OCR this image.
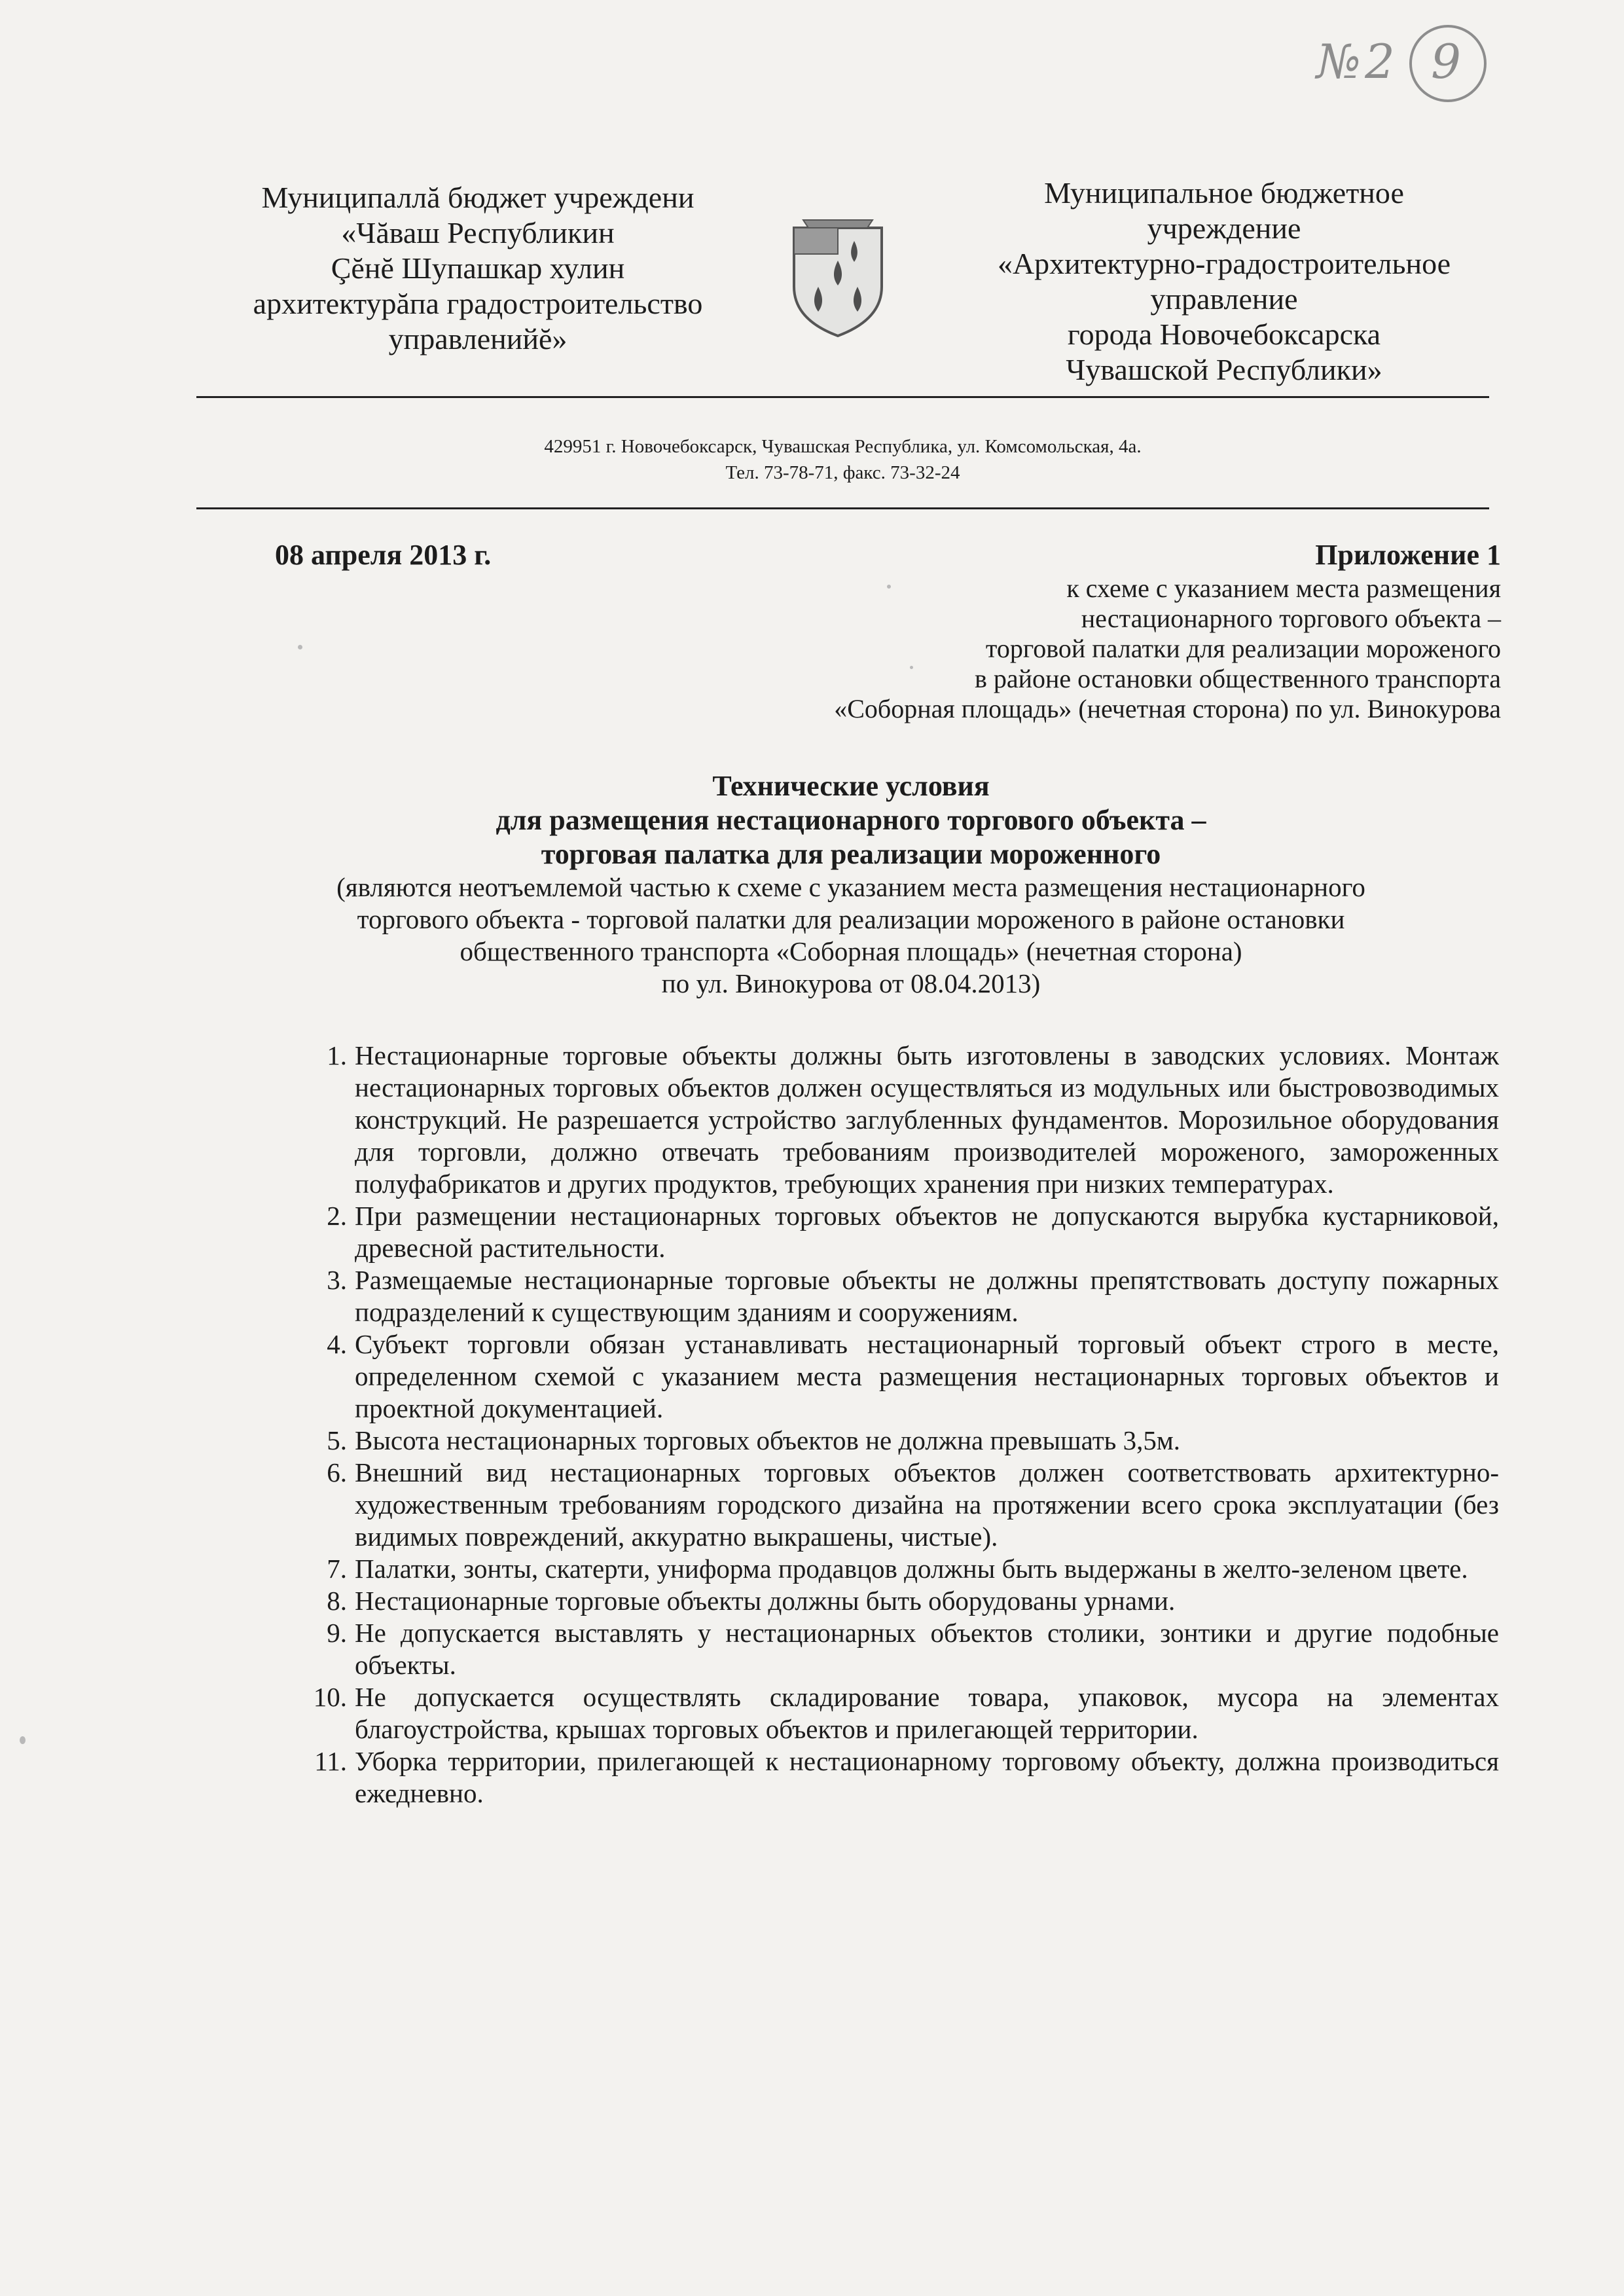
№2 9
Муниципаллă бюджет учреждени
«Чăваш Республикин
Çĕнĕ Шупашкар хулин
архитектурăпа градостроительство
управленийĕ»
Муниципальное бюджетное
учреждение
«Архитектурно-градостроительное
управление
города Новочебоксарска
Чувашской Республики»
429951 г. Новочебоксарск, Чувашская Республика, ул. Комсомольская, 4а.
Тел. 73-78-71, факс. 73-32-24
08 апреля 2013 г.	Приложение 1
к схеме с указанием места размещения
нестационарного торгового объекта –
торговой палатки для реализации мороженого
в районе остановки общественного транспорта
«Соборная площадь» (нечетная сторона) по ул. Винокурова
Технические условия
для размещения нестационарного торгового объекта –
торговая палатка для реализации мороженного
(являются неотъемлемой частью к схеме с указанием места размещения нестационарного
торгового объекта - торговой палатки для реализации мороженого в районе остановки
общественного транспорта «Соборная площадь» (нечетная сторона)
по ул. Винокурова от 08.04.2013)
1. Нестационарные торговые объекты должны быть изготовлены в заводских условиях. Монтаж нестационарных торговых объектов должен осуществляться из модульных или быстровозводимых конструкций. Не разрешается устройство заглубленных фундаментов. Морозильное оборудования для торговли, должно отвечать требованиям производителей мороженого, замороженных полуфабрикатов и других продуктов, требующих хранения при низких температурах.
2. При размещении нестационарных торговых объектов не допускаются вырубка кустарниковой, древесной растительности.
3. Размещаемые нестационарные торговые объекты не должны препятствовать доступу пожарных подразделений к существующим зданиям и сооружениям.
4. Субъект торговли обязан устанавливать нестационарный торговый объект строго в месте, определенном схемой с указанием места размещения нестационарных торговых объектов и проектной документацией.
5. Высота нестационарных торговых объектов не должна превышать 3,5м.
6. Внешний вид нестационарных торговых объектов должен соответствовать архитектурно-художественным требованиям городского дизайна на протяжении всего срока эксплуатации (без видимых повреждений, аккуратно выкрашены, чистые).
7. Палатки, зонты, скатерти, униформа продавцов должны быть выдержаны в желто-зеленом цвете.
8. Нестационарные торговые объекты должны быть оборудованы урнами.
9. Не допускается выставлять у нестационарных объектов столики, зонтики и другие подобные объекты.
10. Не допускается осуществлять складирование товара, упаковок, мусора на элементах благоустройства, крышах торговых объектов и прилегающей территории.
11. Уборка территории, прилегающей к нестационарному торговому объекту, должна производиться ежедневно.
